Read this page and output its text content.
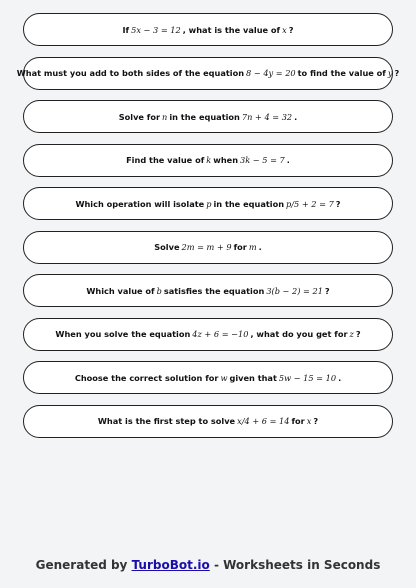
If 5x − 3 = 12 , what is the value of x ?
What must you add to both sides of the equation 8 − 4y = 20 to find the value of y ?
Solve for n in the equation 7n + 4 = 32 .
Find the value of k when 3k − 5 = 7 .
Which operation will isolate p in the equation p/5 + 2 = 7 ?
Solve 2m = m + 9 for m .
Which value of b satisfies the equation 3(b − 2) = 21 ?
When you solve the equation 4z + 6 = −10 , what do you get for z ?
Choose the correct solution for w given that 5w − 15 = 10 .
What is the first step to solve x/4 + 6 = 14 for x ?
Generated by TurboBot.io - Worksheets in Seconds
